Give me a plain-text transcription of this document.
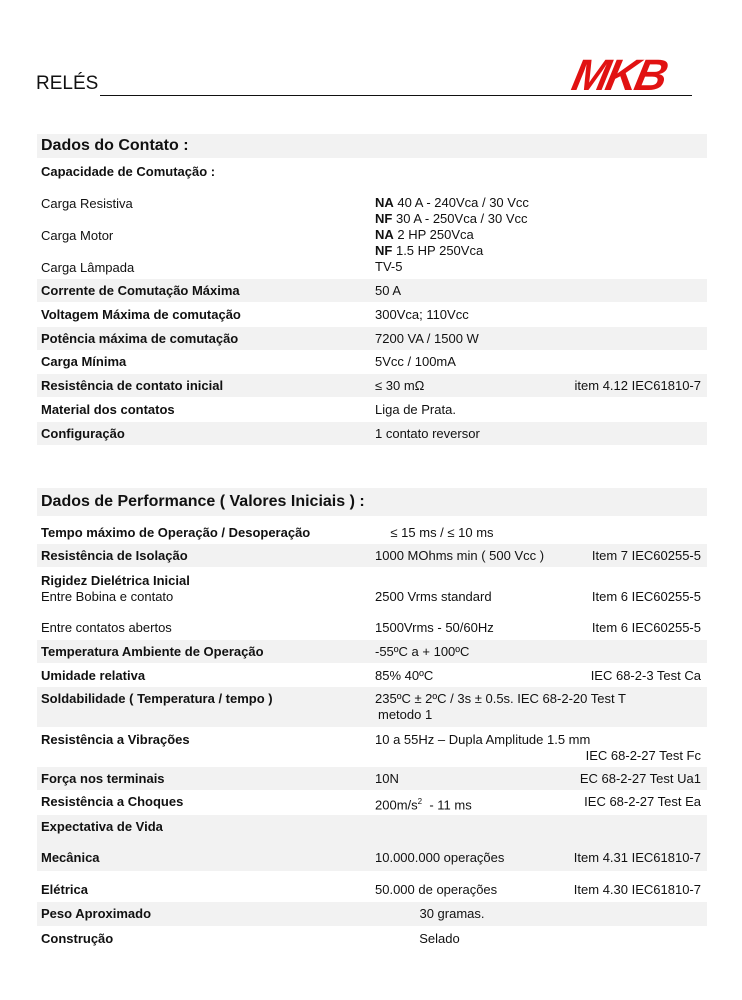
RELÉS	MKB
Dados do Contato :
Capacidade de Comutação :
Carga Resistiva	NA 40 A - 240Vca / 30 Vcc
NF 30 A - 250Vca / 30 Vcc
Carga Motor	NA 2 HP 250Vca
NF 1.5 HP 250Vca
Carga Lâmpada	TV-5
Corrente de Comutação Máxima	50 A
Voltagem Máxima de comutação	300Vca; 110Vcc
Potência máxima de comutação	7200 VA / 1500 W
Carga Mínima	5Vcc / 100mA
Resistência de contato inicial	≤ 30 mΩ	item 4.12 IEC61810-7
Material dos contatos	Liga de Prata.
Configuração	1 contato reversor
Dados de Performance ( Valores Iniciais ) :
Tempo máximo de Operação / Desoperação	≤ 15 ms / ≤ 10 ms
Resistência de Isolação	1000 MOhms min ( 500 Vcc )	Item 7 IEC60255-5
Rigidez Dielétrica Inicial
Entre Bobina e contato	2500 Vrms standard	Item 6 IEC60255-5
Entre contatos abertos	1500Vrms - 50/60Hz	Item 6 IEC60255-5
Temperatura Ambiente de Operação	-55ºC a + 100ºC
Umidade relativa	85% 40ºC	IEC 68-2-3 Test Ca
Soldabilidade ( Temperatura / tempo )	235ºC ± 2ºC / 3s ± 0.5s. IEC 68-2-20 Test T
metodo 1
Resistência a Vibrações	10 a 55Hz – Dupla Amplitude 1.5 mm
IEC 68-2-27 Test Fc
Força nos terminais	10N	EC 68-2-27 Test Ua1
Resistência a Choques	$200m/s^2 - 11$ ms	IEC 68-2-27 Test Ea
Expectativa de Vida
Mecânica	10.000.000 operações	Item 4.31 IEC61810-7
Elétrica	50.000 de operações	Item 4.30 IEC61810-7
Peso Aproximado	30 gramas.
Construção	Selado
